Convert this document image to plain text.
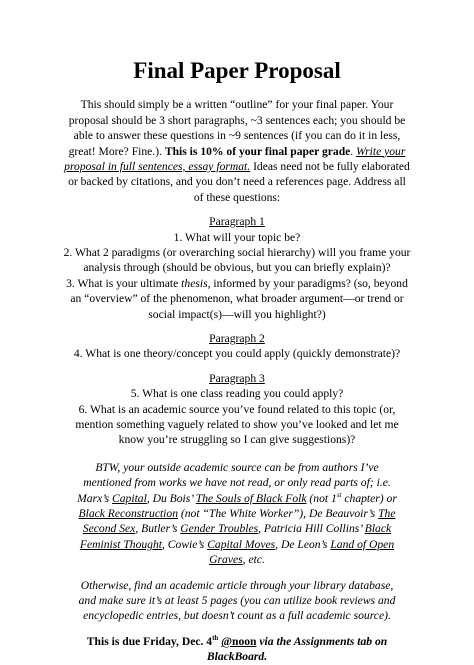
Final Paper Proposal

This should simply be a written “outline” for your final paper. Your proposal should be 3 short paragraphs, ~3 sentences each; you should be able to answer these questions in ~9 sentences (if you can do it in less, great! More? Fine.). This is 10% of your final paper grade. Write your proposal in full sentences, essay format. Ideas need not be fully elaborated or backed by citations, and you don’t need a references page. Address all of these questions:

Paragraph 1

1. What will your topic be?
2. What 2 paradigms (or overarching social hierarchy) will you frame your analysis through (should be obvious, but you can briefly explain)?
3. What is your ultimate thesis, informed by your paradigms? (so, beyond an “overview” of the phenomenon, what broader argument—or trend or social impact(s)—will you highlight?)

Paragraph 2

4. What is one theory/concept you could apply (quickly demonstrate)?

Paragraph 3

5. What is one class reading you could apply?
6. What is an academic source you’ve found related to this topic (or, mention something vaguely related to show you’ve looked and let me know you’re struggling so I can give suggestions)?

BTW, your outside academic source can be from authors I’ve mentioned from works we have not read, or only read parts of; i.e. Marx’s Capital, Du Bois’ The Souls of Black Folk (not 1st chapter) or Black Reconstruction (not “The White Worker”), De Beauvoir’s The Second Sex, Butler’s Gender Troubles, Patricia Hill Collins’ Black Feminist Thought, Cowie’s Capital Moves, De Leon’s Land of Open Graves, etc.

Otherwise, find an academic article through your library database, and make sure it’s at least 5 pages (you can utilize book reviews and encyclopedic entries, but doesn’t count as a full academic source).

This is due Friday, Dec. 4th @noon via the Assignments tab on BlackBoard.
